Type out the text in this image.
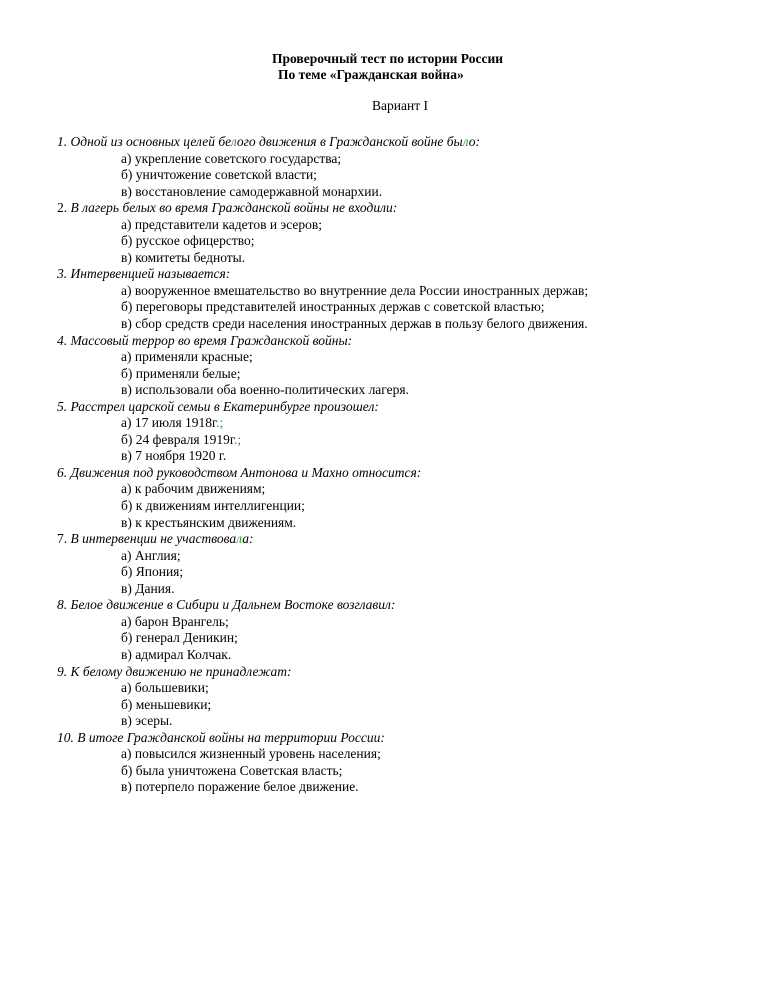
Проверочный тест по истории России
По теме «Гражданская война»
Вариант I
1. Одной из основных целей белого движения в Гражданской войне было:
а) укрепление советского государства;
б) уничтожение советской власти;
в) восстановление самодержавной монархии.
2. В лагерь белых во время Гражданской войны не входили:
а) представители кадетов и эсеров;
б) русское офицерство;
в) комитеты бедноты.
3. Интервенцией называется:
а) вооруженное вмешательство во внутренние дела России иностранных держав;
б) переговоры представителей иностранных держав с советской властью;
в) сбор средств среди населения иностранных держав в пользу белого движения.
4. Массовый террор во время Гражданской войны:
а) применяли красные;
б) применяли белые;
в) использовали оба военно-политических лагеря.
5. Расстрел царской семьи в Екатеринбурге произошел:
а) 17 июля 1918г.;
б) 24 февраля 1919г.;
в) 7 ноября 1920 г.
6. Движения под руководством Антонова и Махно относится:
а) к рабочим движениям;
б) к движениям интеллигенции;
в) к крестьянским движениям.
7. В интервенции не участвовала:
а) Англия;
б) Япония;
в) Дания.
8. Белое движение в Сибири и Дальнем Востоке возглавил:
а) барон Врангель;
б) генерал Деникин;
в) адмирал Колчак.
9. К белому движению не принадлежат:
а) большевики;
б) меньшевики;
в) эсеры.
10. В итоге Гражданской войны на территории России:
а) повысился жизненный уровень населения;
б) была уничтожена Советская власть;
в) потерпело поражение белое движение.
